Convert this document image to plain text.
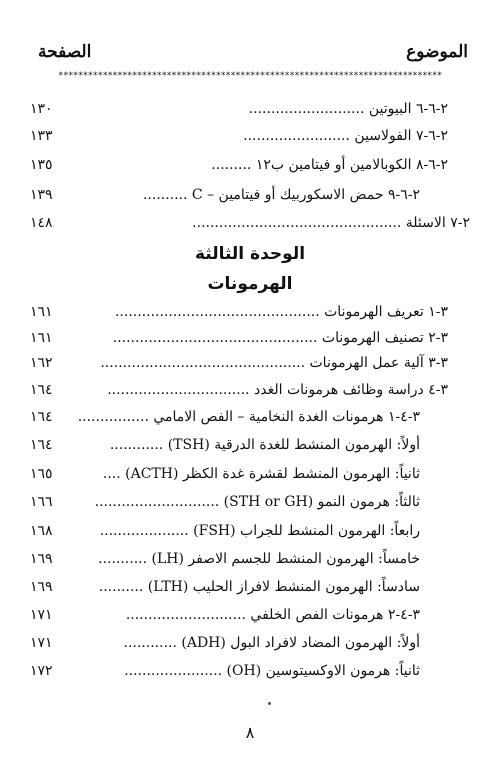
الموضوع
الصفحة
******************************************************************************
٢-٦-٦ البيوتين ..........................
١٣٠
٢-٦-٧ الفولاسين ........................
١٣٣
٢-٦-٨ الكوبالامين أو فيتامين ب١٢ .........
١٣٥
٢-٦-٩ حمض الاسكوربيك أو فيتامين – C ..........
١٣٩
٢-٧ الاسئلة ...............................................
١٤٨
الوحدة الثالثة
الهرمونات
٣-١ تعريف الهرمونات ..............................................
١٦١
٣-٢ تصنيف الهرمونات ..............................................
١٦١
٣-٣ آلية عمل الهرمونات ..............................................
١٦٢
٣-٤ دراسة وظائف هرمونات الغدد ................................
١٦٤
٣-٤-١ هرمونات الغدة النخامية – الفص الامامي ................
١٦٤
أولاً: الهرمون المنشط للغدة الدرقية (TSH) ............
١٦٤
ثانياً: الهرمون المنشط لقشرة غدة الكظر (ACTH) ....
١٦٥
ثالثاً: هرمون النمو (STH or GH) ............................
١٦٦
رابعاً: الهرمون المنشط للجراب (FSH) ....................
١٦٨
خامساً: الهرمون المنشط للجسم الاصفر (LH) ...........
١٦٩
سادساً: الهرمون المنشط لافراز الحليب (LTH) ..........
١٦٩
٣-٤-٢ هرمونات الفص الخلفي ...........................
١٧١
أولاً: الهرمون المضاد لافراد البول (ADH) ............
١٧١
ثانياً: هرمون الاوكسيتوسين (OH) ......................
١٧٢
٨
